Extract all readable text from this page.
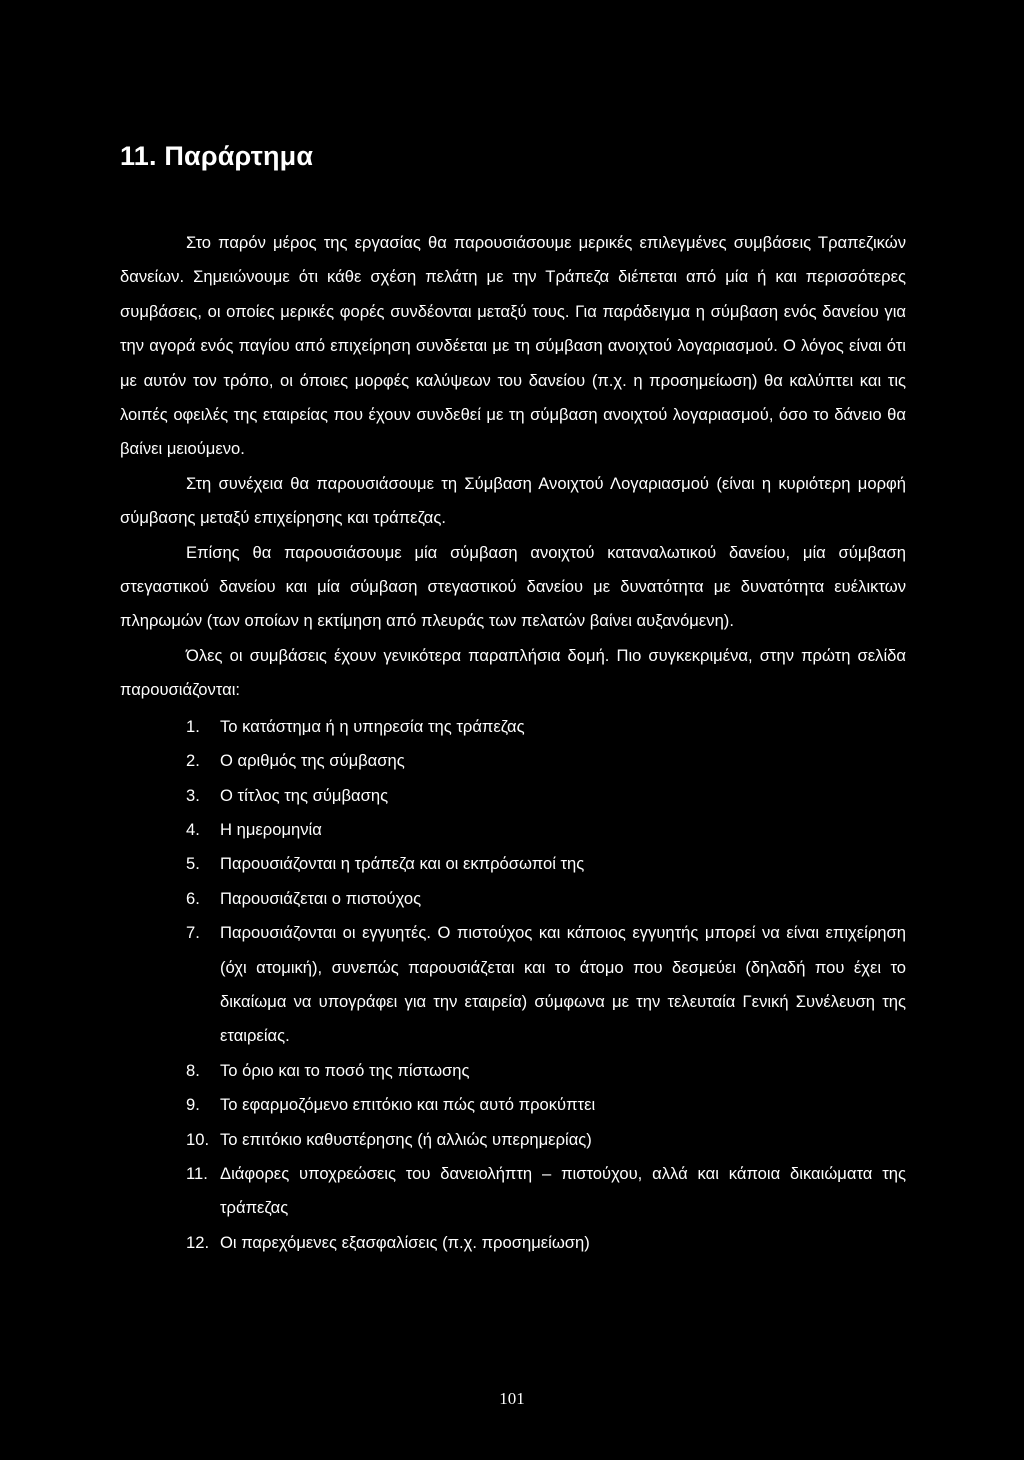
11. Παράρτημα

Στο παρόν μέρος της εργασίας θα παρουσιάσουμε μερικές επιλεγμένες συμβάσεις Τραπεζικών δανείων. Σημειώνουμε ότι κάθε σχέση πελάτη με την Τράπεζα διέπεται από μία ή και περισσότερες συμβάσεις, οι οποίες μερικές φορές συνδέονται μεταξύ τους. Για παράδειγμα η σύμβαση ενός δανείου για την αγορά ενός παγίου από επιχείρηση συνδέεται με τη σύμβαση ανοιχτού λογαριασμού. Ο λόγος είναι ότι με αυτόν τον τρόπο, οι όποιες μορφές καλύψεων του δανείου (π.χ. η προσημείωση) θα καλύπτει και τις λοιπές οφειλές της εταιρείας που έχουν συνδεθεί με τη σύμβαση ανοιχτού λογαριασμού, όσο το δάνειο θα βαίνει μειούμενο.

Στη συνέχεια θα παρουσιάσουμε τη Σύμβαση Ανοιχτού Λογαριασμού (είναι η κυριότερη μορφή σύμβασης μεταξύ επιχείρησης και τράπεζας.

Επίσης θα παρουσιάσουμε μία σύμβαση ανοιχτού καταναλωτικού δανείου, μία σύμβαση στεγαστικού δανείου και μία σύμβαση στεγαστικού δανείου με δυνατότητα με δυνατότητα ευέλικτων πληρωμών (των οποίων η εκτίμηση από πλευράς των πελατών βαίνει αυξανόμενη).

Όλες οι συμβάσεις έχουν γενικότερα παραπλήσια δομή. Πιο συγκεκριμένα, στην πρώτη σελίδα παρουσιάζονται:

1.	Το κατάστημα ή η υπηρεσία της τράπεζας
2.	Ο αριθμός της σύμβασης
3.	Ο τίτλος της σύμβασης
4.	Η ημερομηνία
5.	Παρουσιάζονται η τράπεζα και οι εκπρόσωποί της
6.	Παρουσιάζεται ο πιστούχος
7.	Παρουσιάζονται οι εγγυητές. Ο πιστούχος και κάποιος εγγυητής μπορεί να είναι επιχείρηση (όχι ατομική), συνεπώς παρουσιάζεται και το άτομο που δεσμεύει (δηλαδή που έχει το δικαίωμα να υπογράφει για την εταιρεία) σύμφωνα με την τελευταία Γενική Συνέλευση της εταιρείας.
8.	Το όριο και το ποσό της πίστωσης
9.	Το εφαρμοζόμενο επιτόκιο και πώς αυτό προκύπτει
10. Το επιτόκιο καθυστέρησης (ή αλλιώς υπερημερίας)
11. Διάφορες υποχρεώσεις του δανειολήπτη – πιστούχου, αλλά και κάποια δικαιώματα της τράπεζας
12. Οι παρεχόμενες εξασφαλίσεις (π.χ. προσημείωση)
101
